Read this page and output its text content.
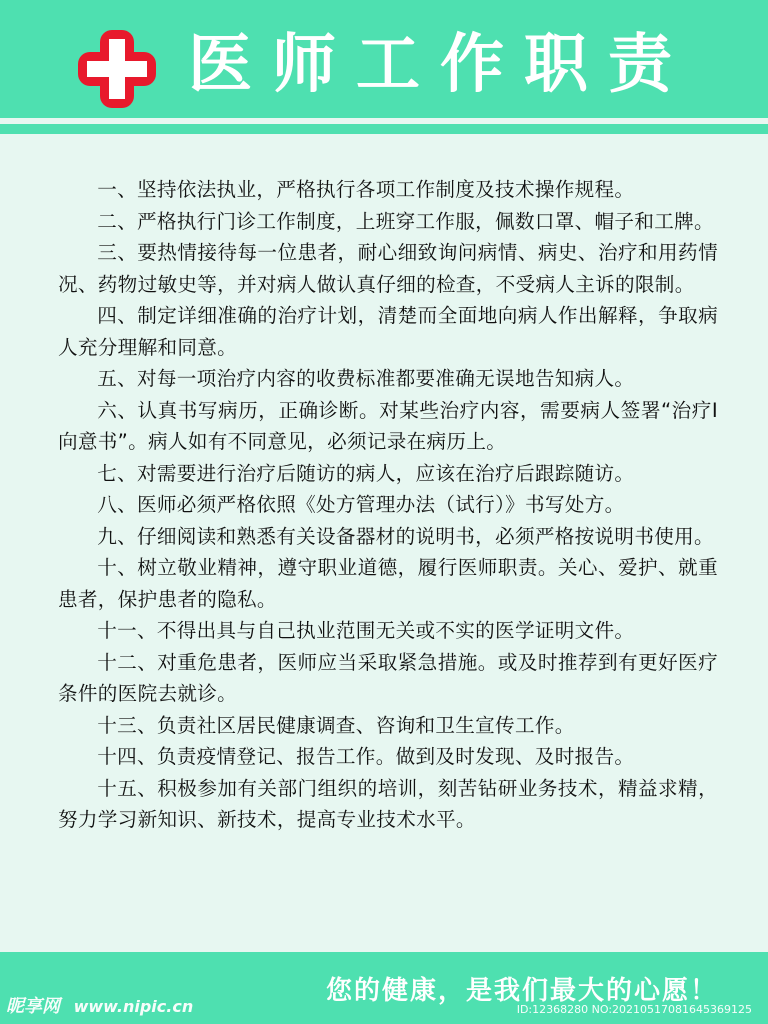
医师工作职责

一、坚持依法执业，严格执行各项工作制度及技术操作规程。

二、严格执行门诊工作制度，上班穿工作服，佩数口罩、帽子和工牌。

三、要热情接待每一位患者，耐心细致询问病情、病史、治疗和用药情况、药物过敏史等，并对病人做认真仔细的检查，不受病人主诉的限制。

四、制定详细准确的治疗计划，清楚而全面地向病人作出解释，争取病人充分理解和同意。

五、对每一项治疗内容的收费标准都要准确无误地告知病人。

六、认真书写病历，正确诊断。对某些治疗内容，需要病人签署“治疗I向意书”。病人如有不同意见，必须记录在病历上。

七、对需要进行治疗后随访的病人，应该在治疗后跟踪随访。

八、医师必须严格依照《处方管理办法（试行）》书写处方。

九、仔细阅读和熟悉有关设备器材的说明书，必须严格按说明书使用。

十、树立敬业精神，遵守职业道德，履行医师职责。关心、爱护、就重患者，保护患者的隐私。

十一、不得出具与自己执业范围无关或不实的医学证明文件。

十二、对重危患者，医师应当采取紧急措施。或及时推荐到有更好医疗条件的医院去就诊。

十三、负责社区居民健康调查、咨询和卫生宣传工作。

十四、负责疫情登记、报告工作。做到及时发现、及时报告。

十五、积极参加有关部门组织的培训，刻苦钻研业务技术，精益求精，努力学习新知识、新技术，提高专业技术水平。

您的健康，是我们最大的心愿！
昵享网 www.nipic.cn	ID:12368280 NO:20210517081645369125
